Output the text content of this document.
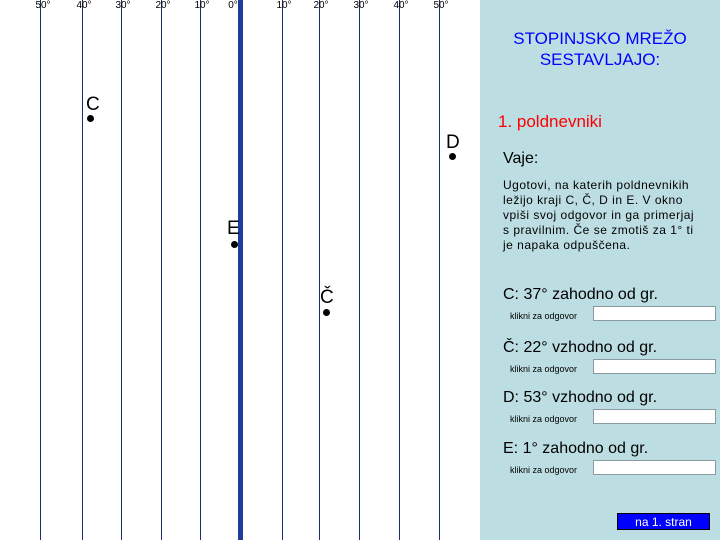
50°	40° 30° 20° 10° 0°	10° 20° 30° 40° 50°
C
D
E
Č
STOPINJSKO MREŽO SESTAVLJAJO:
1. poldnevniki
Vaje:
Ugotovi, na katerih poldnevnikih ležijo kraji C, Č, D in E. V okno vpiši svoj odgovor in ga primerjaj s pravilnim. Če se zmotiš za 1° ti je napaka odpuščena.
C: 37° zahodno od gr.
klikni za odgovor
Č: 22° vzhodno od gr.
klikni za odgovor
D: 53° vzhodno od gr.
klikni za odgovor
E: 1° zahodno od gr.
klikni za odgovor
na 1. stran
